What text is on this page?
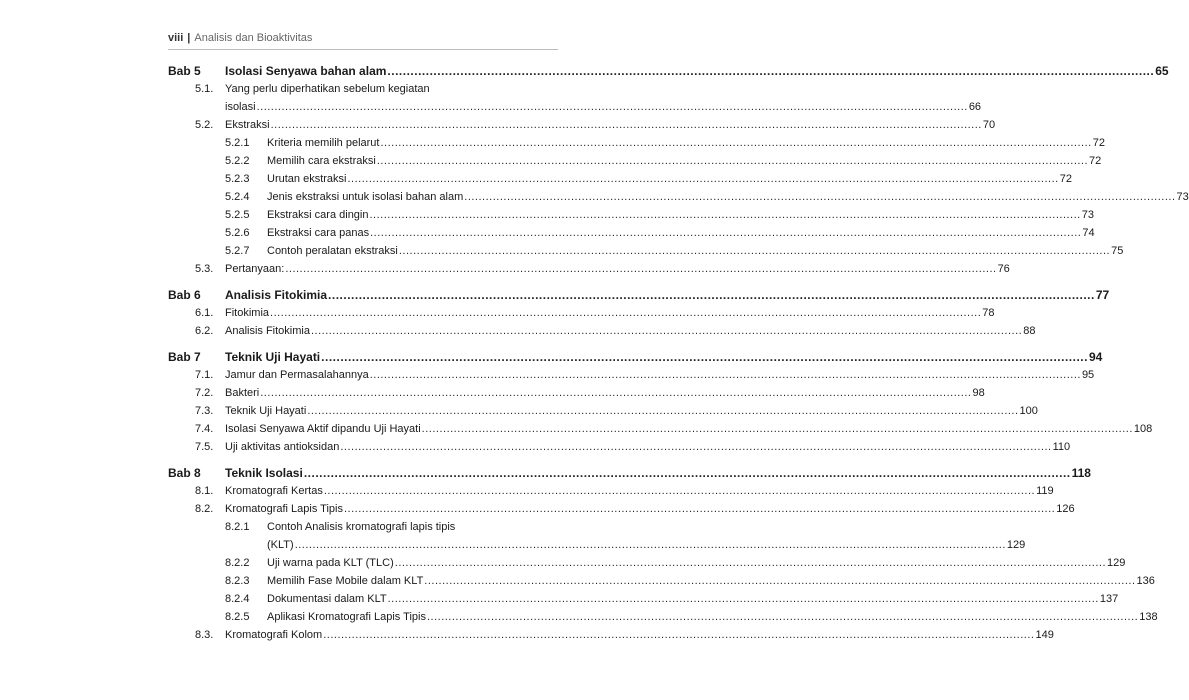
viii | Analisis dan Bioaktivitas
Bab 5 Isolasi Senyawa bahan alam ........................................................................................................................................................................................................ 65
5.1. Yang perlu diperhatikan sebelum kegiatan
isolasi ........................................................................................................................................................................................................ 66
5.2. Ekstraksi ........................................................................................................................................................................................................ 70
5.2.1 Kriteria memilih pelarut ........................................................................................................................................................................................................ 72
5.2.2 Memilih cara ekstraksi ........................................................................................................................................................................................................ 72
5.2.3 Urutan ekstraksi ........................................................................................................................................................................................................ 72
5.2.4 Jenis ekstraksi untuk isolasi bahan alam ........................................................................................................................................................................................................ 73
5.2.5 Ekstraksi cara dingin ........................................................................................................................................................................................................ 73
5.2.6 Ekstraksi cara panas ........................................................................................................................................................................................................ 74
5.2.7 Contoh peralatan ekstraksi ........................................................................................................................................................................................................ 75
5.3. Pertanyaan: ........................................................................................................................................................................................................ 76
Bab 6 Analisis Fitokimia ........................................................................................................................................................................................................ 77
6.1. Fitokimia ........................................................................................................................................................................................................ 78
6.2. Analisis Fitokimia ........................................................................................................................................................................................................ 88
Bab 7 Teknik Uji Hayati ........................................................................................................................................................................................................ 94
7.1. Jamur dan Permasalahannya ........................................................................................................................................................................................................ 95
7.2. Bakteri ........................................................................................................................................................................................................ 98
7.3. Teknik Uji Hayati ........................................................................................................................................................................................................ 100
7.4. Isolasi Senyawa Aktif dipandu Uji Hayati ........................................................................................................................................................................................................ 108
7.5. Uji aktivitas antioksidan ........................................................................................................................................................................................................ 110
Bab 8 Teknik Isolasi ........................................................................................................................................................................................................ 118
8.1. Kromatografi Kertas ........................................................................................................................................................................................................ 119
8.2. Kromatografi Lapis Tipis ........................................................................................................................................................................................................ 126
8.2.1 Contoh Analisis kromatografi lapis tipis
(KLT) ........................................................................................................................................................................................................ 129
8.2.2 Uji warna pada KLT (TLC) ........................................................................................................................................................................................................ 129
8.2.3 Memilih Fase Mobile dalam KLT ........................................................................................................................................................................................................ 136
8.2.4 Dokumentasi dalam KLT ........................................................................................................................................................................................................ 137
8.2.5 Aplikasi Kromatografi Lapis Tipis ........................................................................................................................................................................................................ 138
8.3. Kromatografi Kolom ........................................................................................................................................................................................................ 149
